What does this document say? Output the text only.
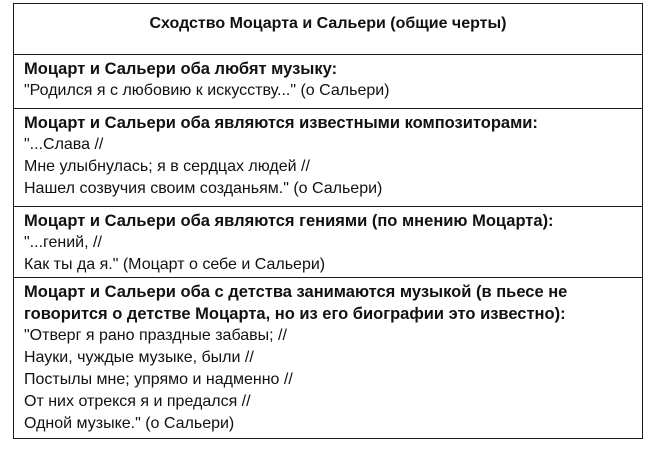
Сходство Моцарта и Сальери (общие черты)

Моцарт и Сальери оба любят музыку:
"Родился я с любовию к искусству..." (о Сальери)

Моцарт и Сальери оба являются известными композиторами:
"...Слава //
Мне улыбнулась; я в сердцах людей //
Нашел созвучия своим созданьям." (о Сальери)

Моцарт и Сальери оба являются гениями (по мнению Моцарта):
"...гений, //
Как ты да я." (Моцарт о себе и Сальери)

Моцарт и Сальери оба с детства занимаются музыкой (в пьесе не
говорится о детстве Моцарта, но из его биографии это известно):
"Отверг я рано праздные забавы; //
Науки, чуждые музыке, были //
Постылы мне; упрямо и надменно //
От них отрекся я и предался //
Одной музыке." (о Сальери)
